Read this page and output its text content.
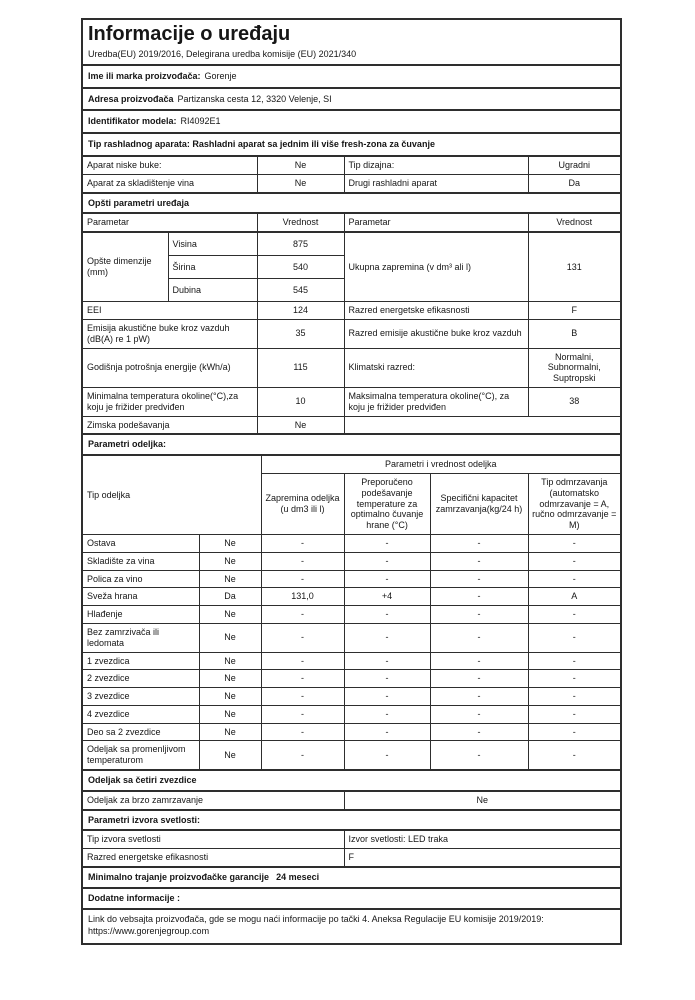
Informacije o uređaju
Uredba(EU) 2019/2016, Delegirana uredba komisije (EU) 2021/340
Ime ili marka proizvođača: Gorenje
Adresa proizvođača Partizanska cesta 12, 3320 Velenje, SI
Identifikator modela: RI4092E1
Tip rashladnog aparata: Rashladni aparat sa jednim ili više fresh-zona za čuvanje
Aparat niske buke:	Ne	Tip dizajna:	Ugradni
Aparat za skladištenje vina	Ne	Drugi rashladni aparat	Da
Opšti parametri uređaja
Parametar		Vrednost	Parametar	Vrednost
Opšte dimenzije (mm)	Visina	875	Ukupna zapremina (v dm³ ali l)	131
	Širina	540		
	Dubina	545		
EEI		124	Razred energetske efikasnosti	F
Emisija akustične buke kroz vazduh (dB(A) re 1 pW)		35	Razred emisije akustične buke kroz vazduh	B
Godišnja potrošnja energije (kWh/a)		115	Klimatski razred:	Normalni, Subnormalni, Suptropski
Minimalna temperatura okoline(°C),za koju je frižider predviđen		10	Maksimalna temperatura okoline(°C), za koju je frižider predviđen	38
Zimska podešavanja		Ne		
Parametri odeljka:
Tip odeljka		Parametri i vrednost odeljka			
		Zapremina odeljka (u dm3 ili l)	Preporučeno podešavanje temperature za optimalno čuvanje hrane (°C)	Specifični kapacitet zamrzavanja(kg/24 h)	Tip odmrzavanja (automatsko odmrzavanje = A, ručno odmrzavanje = M)
Ostava	Ne	-	-	-	-
Skladište za vina	Ne	-	-	-	-
Polica za vino	Ne	-	-	-	-
Sveža hrana	Da	131,0	+4	-	A
Hlađenje	Ne	-	-	-	-
Bez zamrzivača ili ledomata	Ne	-	-	-	-
1 zvezdica	Ne	-	-	-	-
2 zvezdice	Ne	-	-	-	-
3 zvezdice	Ne	-	-	-	-
4 zvezdice	Ne	-	-	-	-
Deo sa 2 zvezdice	Ne	-	-	-	-
Odeljak sa promenljivom temperaturom	Ne	-	-	-	-
Odeljak sa četiri zvezdice
Odeljak za brzo zamrzavanje	Ne
Parametri izvora svetlosti:
Tip izvora svetlosti	Izvor svetlosti: LED traka
Razred energetske efikasnosti	F
Minimalno trajanje proizvođačke garancije 24 meseci
Dodatne informacije :
Link do vebsajta proizvođača, gde se mogu naći informacije po tački 4. Aneksa Regulacije EU komisije 2019/2019:
https://www.gorenjegroup.com
